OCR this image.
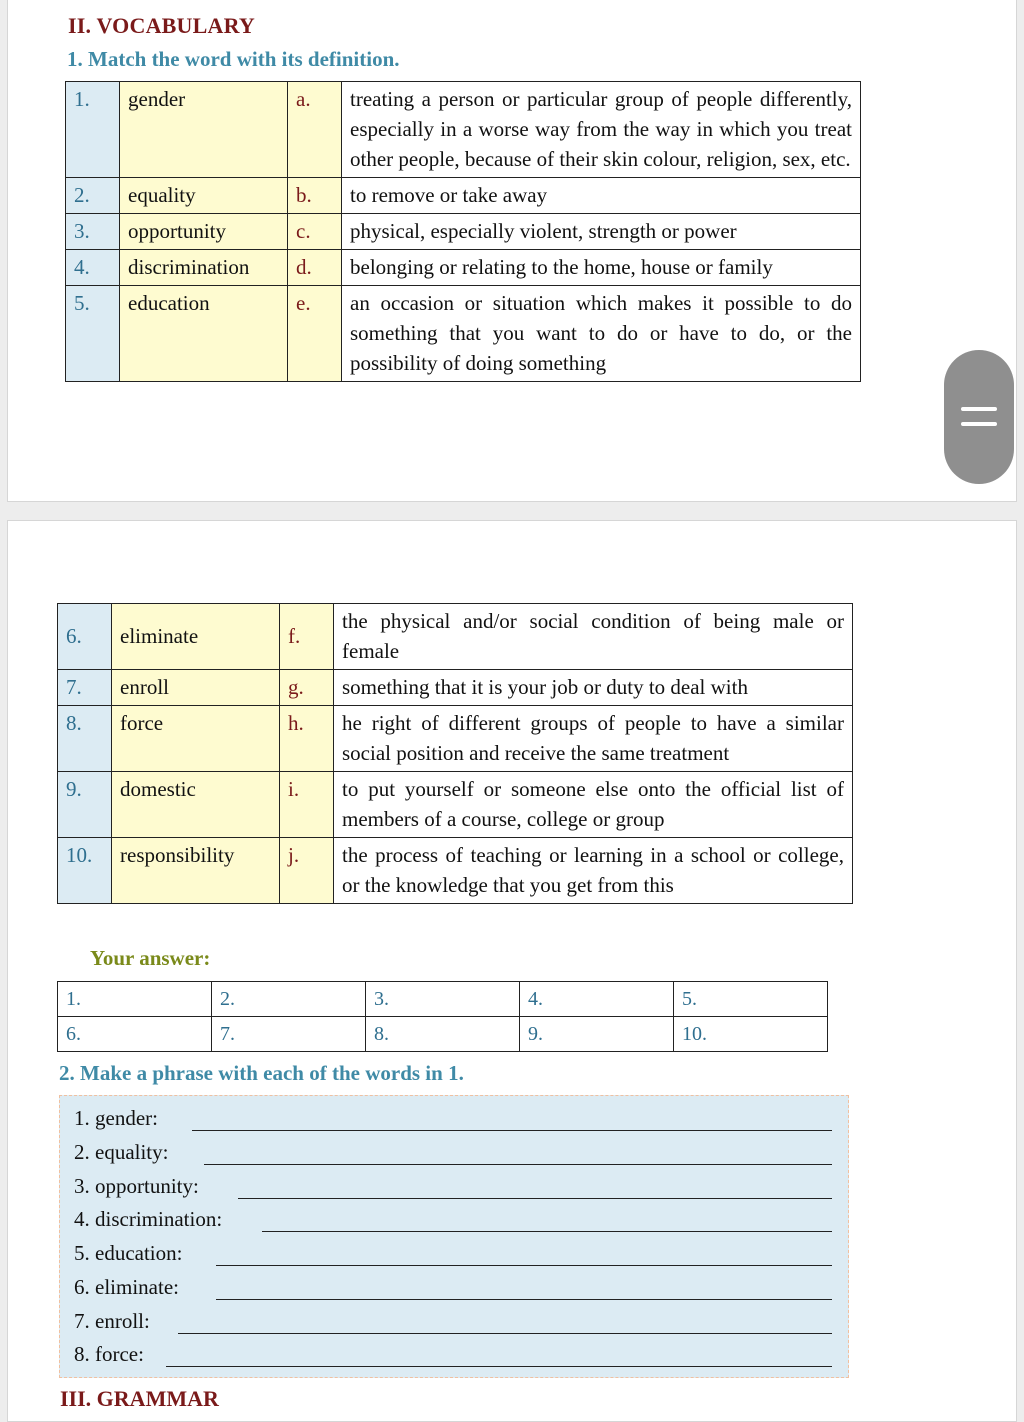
II. VOCABULARY
1. Match the word with its definition.
1.	gender	a.	treating a person or particular group of people differently, especially in a worse way from the way in which you treat other people, because of their skin colour, religion, sex, etc.
2.	equality	b.	to remove or take away
3.	opportunity	c.	physical, especially violent, strength or power
4.	discrimination	d.	belonging or relating to the home, house or family
5.	education	e.	an occasion or situation which makes it possible to do something that you want to do or have to do, or the possibility of doing something
6.	eliminate	f.	the physical and/or social condition of being male or female
7.	enroll	g.	something that it is your job or duty to deal with
8.	force	h.	he right of different groups of people to have a similar social position and receive the same treatment
9.	domestic	i.	to put yourself or someone else onto the official list of members of a course, college or group
10.	responsibility	j.	the process of teaching or learning in a school or college, or the knowledge that you get from this
Your answer:
1.	2.	3.	4.	5.
6.	7.	8.	9.	10.
2. Make a phrase with each of the words in 1.
1. gender:
2. equality:
3. opportunity:
4. discrimination:
5. education:
6. eliminate:
7. enroll:
8. force:
